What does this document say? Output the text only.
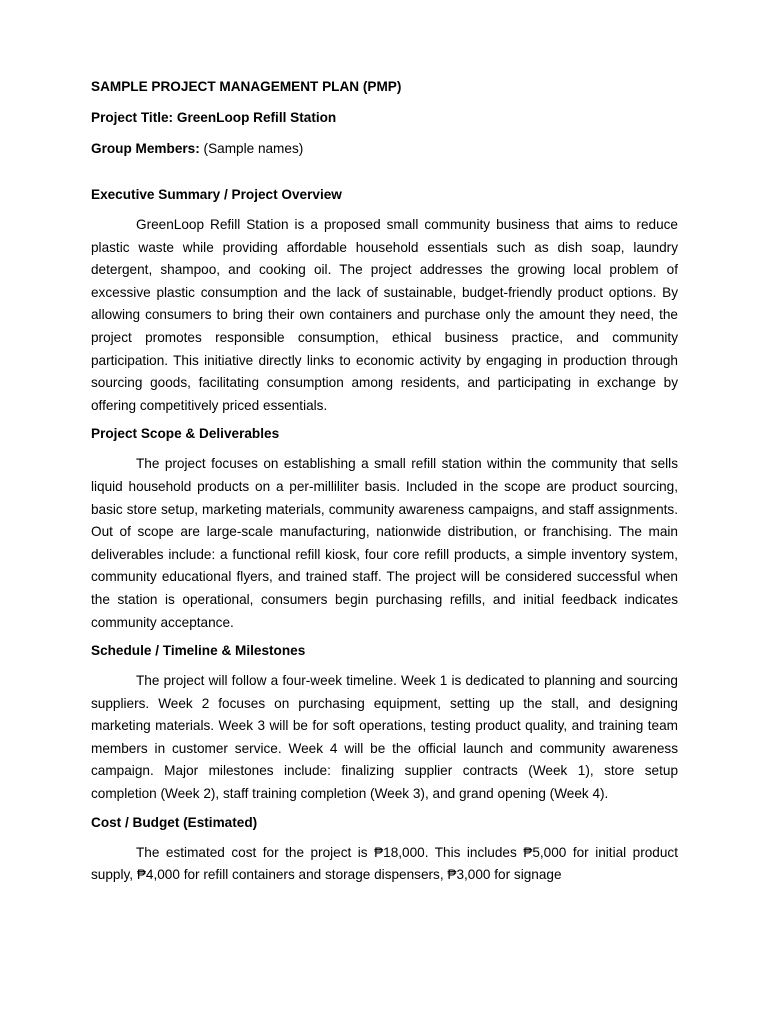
SAMPLE PROJECT MANAGEMENT PLAN (PMP)
Project Title: GreenLoop Refill Station
Group Members: (Sample names)
Executive Summary / Project Overview

GreenLoop Refill Station is a proposed small community business that aims to reduce plastic waste while providing affordable household essentials such as dish soap, laundry detergent, shampoo, and cooking oil. The project addresses the growing local problem of excessive plastic consumption and the lack of sustainable, budget-friendly product options. By allowing consumers to bring their own containers and purchase only the amount they need, the project promotes responsible consumption, ethical business practice, and community participation. This initiative directly links to economic activity by engaging in production through sourcing goods, facilitating consumption among residents, and participating in exchange by offering competitively priced essentials.

Project Scope & Deliverables

The project focuses on establishing a small refill station within the community that sells liquid household products on a per-milliliter basis. Included in the scope are product sourcing, basic store setup, marketing materials, community awareness campaigns, and staff assignments. Out of scope are large-scale manufacturing, nationwide distribution, or franchising. The main deliverables include: a functional refill kiosk, four core refill products, a simple inventory system, community educational flyers, and trained staff. The project will be considered successful when the station is operational, consumers begin purchasing refills, and initial feedback indicates community acceptance.

Schedule / Timeline & Milestones

The project will follow a four-week timeline. Week 1 is dedicated to planning and sourcing suppliers. Week 2 focuses on purchasing equipment, setting up the stall, and designing marketing materials. Week 3 will be for soft operations, testing product quality, and training team members in customer service. Week 4 will be the official launch and community awareness campaign. Major milestones include: finalizing supplier contracts (Week 1), store setup completion (Week 2), staff training completion (Week 3), and grand opening (Week 4).

Cost / Budget (Estimated)

The estimated cost for the project is ₱18,000. This includes ₱5,000 for initial product supply, ₱4,000 for refill containers and storage dispensers, ₱3,000 for signage
